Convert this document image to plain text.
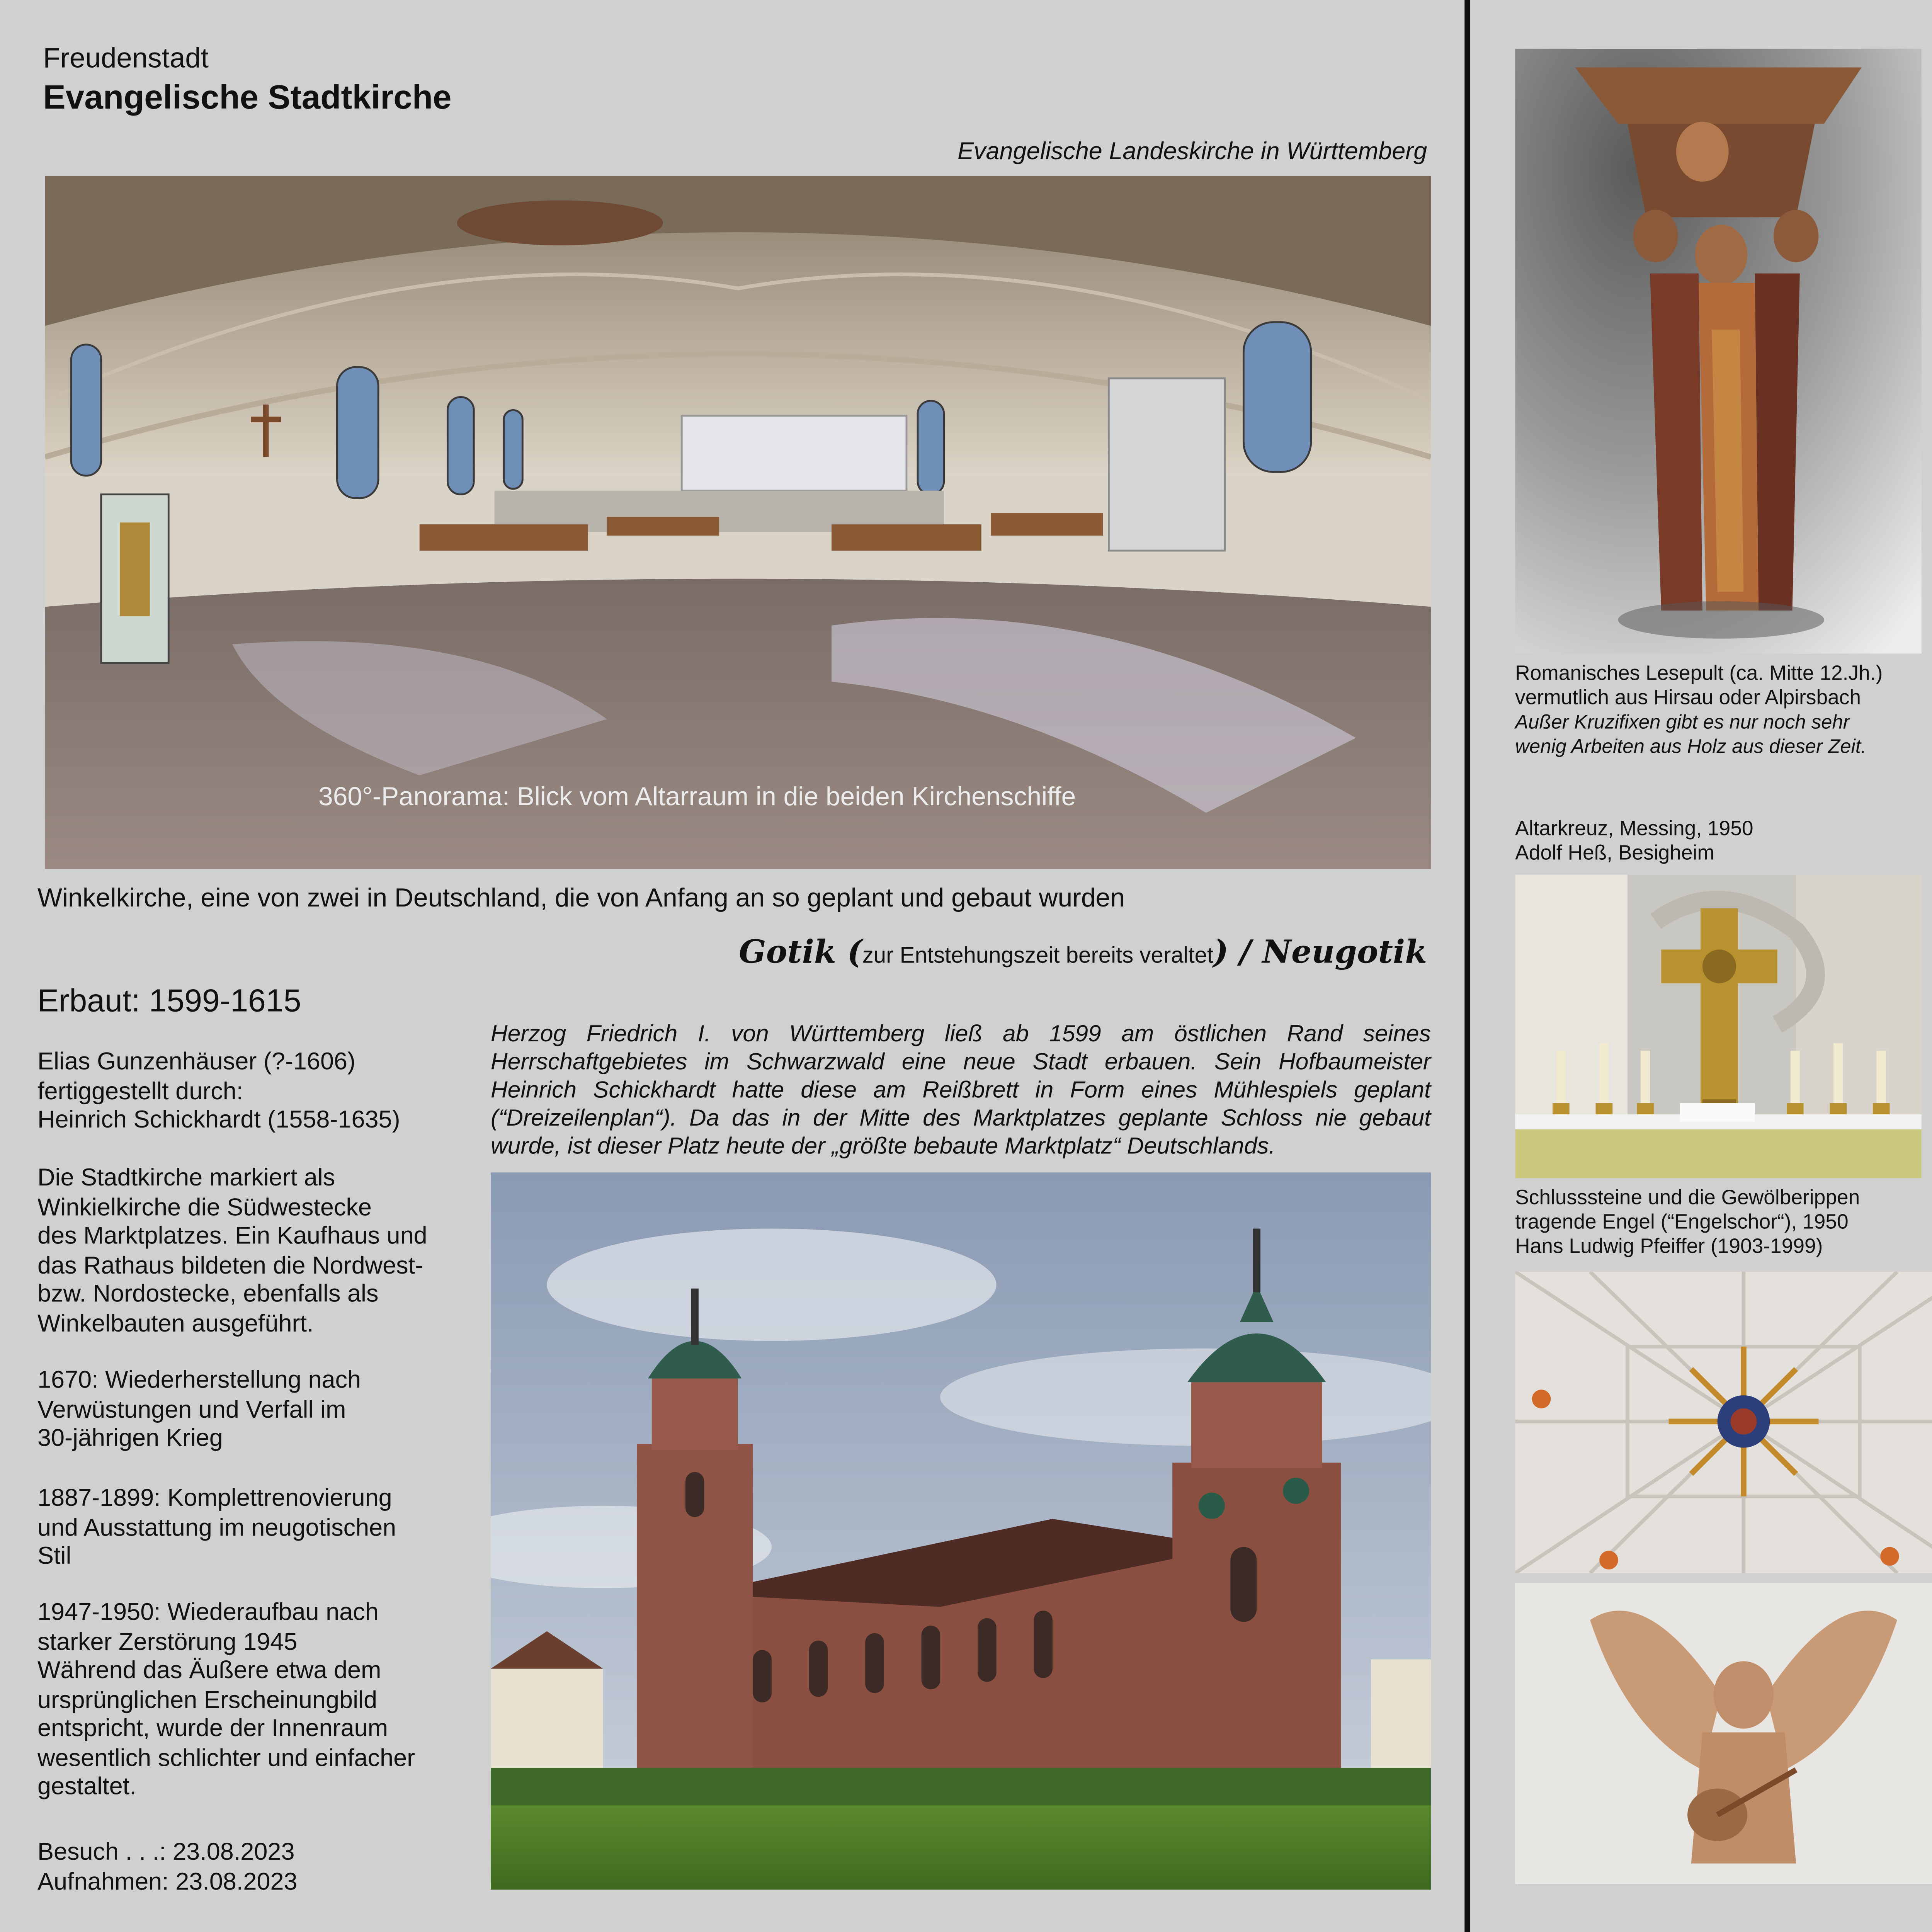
Freudenstadt
Evangelische Stadtkirche
Evangelische Landeskirche in Württemberg
360°-Panorama: Blick vom Altarraum in die beiden Kirchenschiffe
Winkelkirche, eine von zwei in Deutschland, die von Anfang an so geplant und gebaut wurden
Gotik (zur Entstehungszeit bereits veraltet) / Neugotik
Erbaut: 1599-1615
Elias Gunzenhäuser (?-1606)
fertiggestellt durch:
Heinrich Schickhardt (1558-1635)
Die Stadtkirche markiert als
Winkielkirche die Südwestecke
des Marktplatzes. Ein Kaufhaus und
das Rathaus bildeten die Nordwest-
bzw. Nordostecke, ebenfalls als
Winkelbauten ausgeführt.
1670: Wiederherstellung nach
Verwüstungen und Verfall im
30-jährigen Krieg
1887-1899: Komplettrenovierung
und Ausstattung im neugotischen
Stil
1947-1950: Wiederaufbau nach
starker Zerstörung 1945
Während das Äußere etwa dem
ursprünglichen Erscheinungbild
entspricht, wurde der Innenraum
wesentlich schlichter und einfacher
gestaltet.
Besuch . . .: 23.08.2023
Aufnahmen: 23.08.2023
Herzog Friedrich I. von Württemberg ließ ab 1599 am östlichen Rand seines Herrschaftgebietes im Schwarzwald eine neue Stadt erbauen. Sein Hofbaumeister Heinrich Schickhardt hatte diese am Reißbrett in Form eines Mühlespiels geplant (“Dreizeilenplan“). Da das in der Mitte des Marktplatzes geplante Schloss nie gebaut wurde, ist dieser Platz heute der „größte bebaute Marktplatz“ Deutschlands.
Romanisches Lesepult (ca. Mitte 12.Jh.)
vermutlich aus Hirsau oder Alpirsbach
Außer Kruzifixen gibt es nur noch sehr
wenig Arbeiten aus Holz aus dieser Zeit.
Altarkreuz, Messing, 1950
Adolf Heß, Besigheim
Schlusssteine und die Gewölberippen
tragende Engel (“Engelschor“), 1950
Hans Ludwig Pfeiffer (1903-1999)
